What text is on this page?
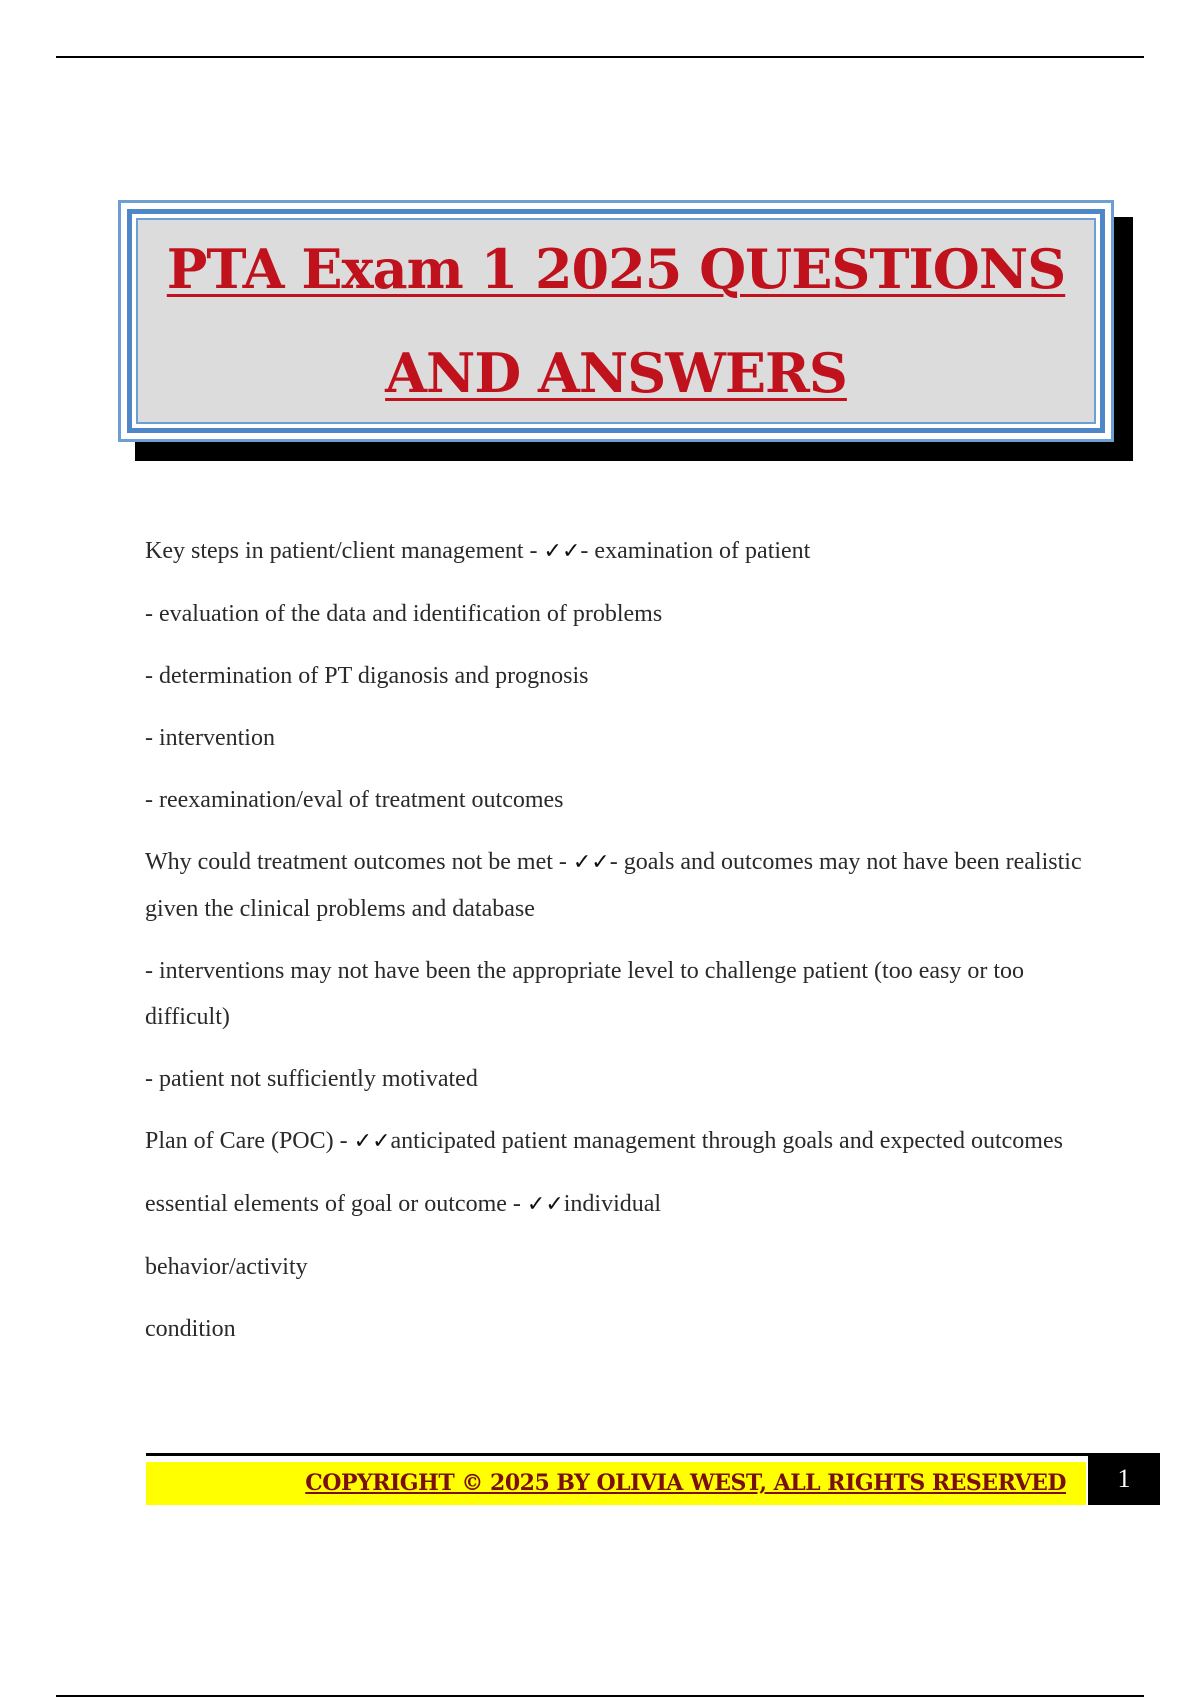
PTA Exam 1 2025 QUESTIONS
AND ANSWERS

Key steps in patient/client management - ✓✓- examination of patient

- evaluation of the data and identification of problems

- determination of PT diganosis and prognosis

- intervention

- reexamination/eval of treatment outcomes

Why could treatment outcomes not be met - ✓✓- goals and outcomes may not have been realistic given the clinical problems and database

- interventions may not have been the appropriate level to challenge patient (too easy or too difficult)

- patient not sufficiently motivated

Plan of Care (POC) - ✓✓anticipated patient management through goals and expected outcomes

essential elements of goal or outcome - ✓✓individual

behavior/activity

condition

COPYRIGHT © 2025 BY OLIVIA WEST, ALL RIGHTS RESERVED	1
